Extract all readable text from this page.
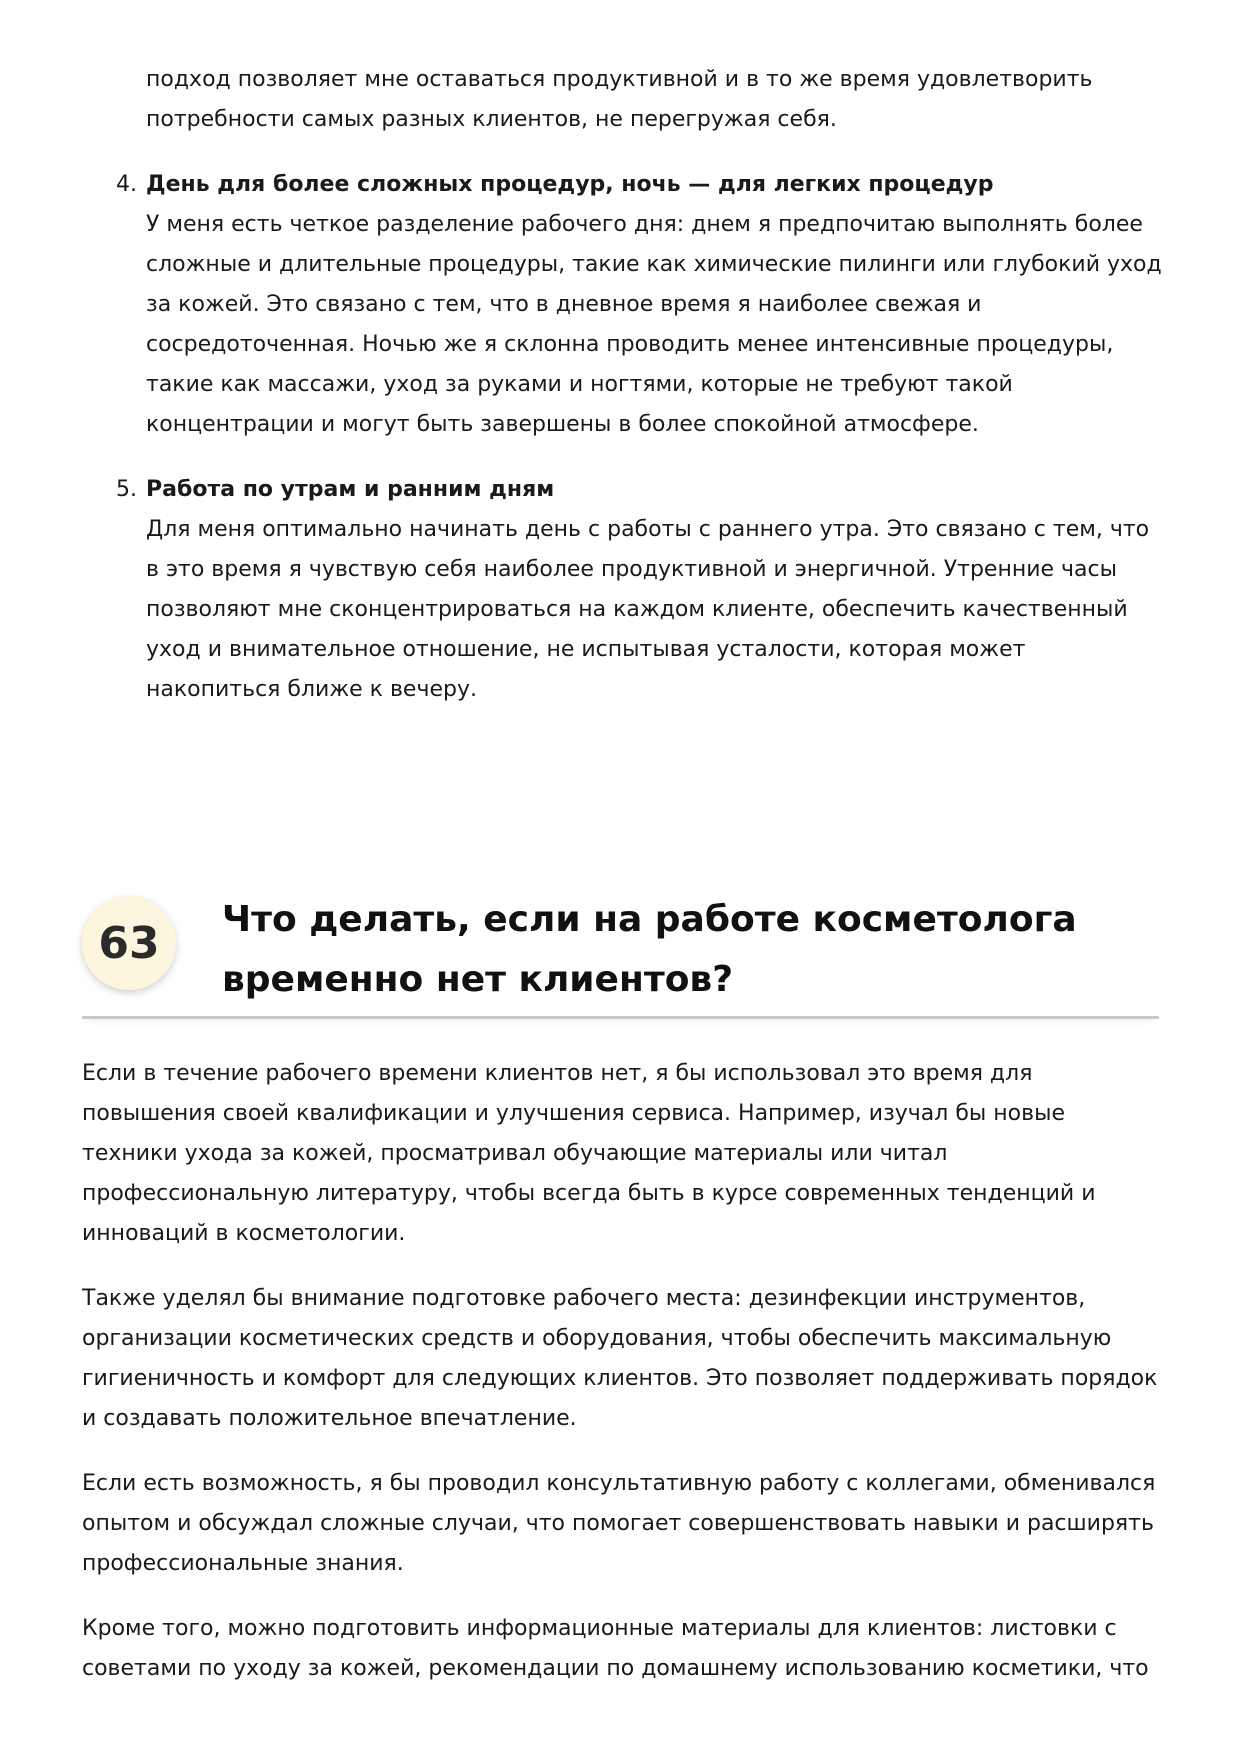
подход позволяет мне оставаться продуктивной и в то же время удовлетворить потребности самых разных клиентов, не перегружая себя.

4. День для более сложных процедур, ночь — для легких процедур

У меня есть четкое разделение рабочего дня: днем я предпочитаю выполнять более сложные и длительные процедуры, такие как химические пилинги или глубокий уход за кожей. Это связано с тем, что в дневное время я наиболее свежая и сосредоточенная. Ночью же я склонна проводить менее интенсивные процедуры, такие как массажи, уход за руками и ногтями, которые не требуют такой концентрации и могут быть завершены в более спокойной атмосфере.

5. Работа по утрам и ранним дням

Для меня оптимально начинать день с работы с раннего утра. Это связано с тем, что в это время я чувствую себя наиболее продуктивной и энергичной. Утренние часы позволяют мне сконцентрироваться на каждом клиенте, обеспечить качественный уход и внимательное отношение, не испытывая усталости, которая может накопиться ближе к вечеру.

63	Что делать, если на работе косметолога временно нет клиентов?

Если в течение рабочего времени клиентов нет, я бы использовал это время для повышения своей квалификации и улучшения сервиса. Например, изучал бы новые техники ухода за кожей, просматривал обучающие материалы или читал профессиональную литературу, чтобы всегда быть в курсе современных тенденций и инноваций в косметологии.

Также уделял бы внимание подготовке рабочего места: дезинфекции инструментов, организации косметических средств и оборудования, чтобы обеспечить максимальную гигиеничность и комфорт для следующих клиентов. Это позволяет поддерживать порядок и создавать положительное впечатление.

Если есть возможность, я бы проводил консультативную работу с коллегами, обменивался опытом и обсуждал сложные случаи, что помогает совершенствовать навыки и расширять профессиональные знания.

Кроме того, можно подготовить информационные материалы для клиентов: листовки с советами по уходу за кожей, рекомендации по домашнему использованию косметики, что
